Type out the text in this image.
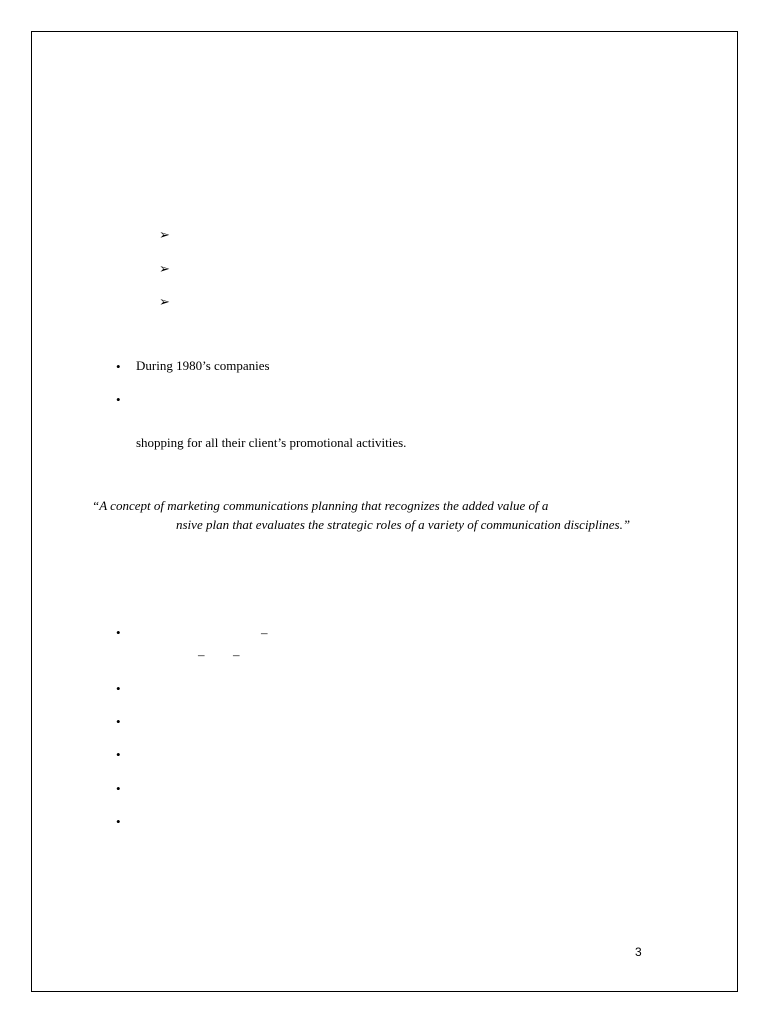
➢
➢
➢
• During 1980’s companies
•
shopping for all their client’s promotional activities.
“A concept of marketing communications planning that recognizes the added value of a
nsive plan that evaluates the strategic roles of a variety of communication disciplines.”
•	–
– –
•
•
•
•
•
3
